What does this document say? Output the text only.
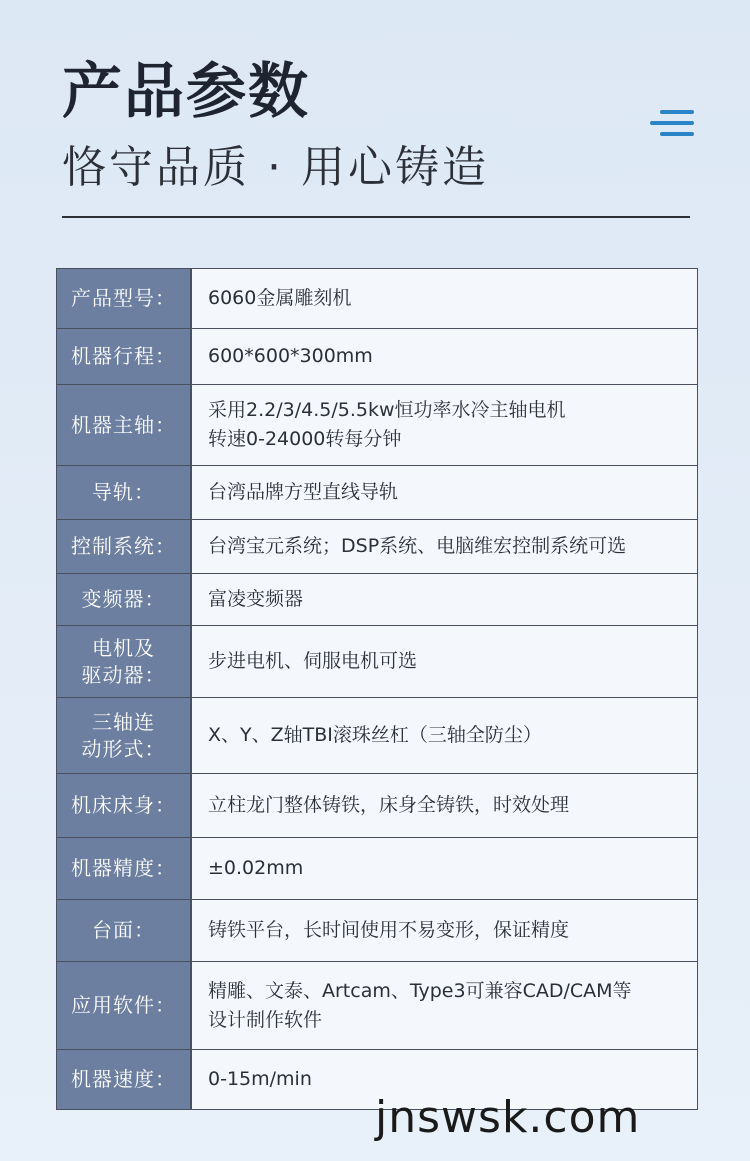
产品参数
恪守品质 · 用心铸造
产品型号： 6060金属雕刻机
机器行程： 600*600*300mm
机器主轴：
采用2.2/3/4.5/5.5kw恒功率水冷主轴电机
转速0-24000转每分钟
导轨：	台湾品牌方型直线导轨
控制系统： 台湾宝元系统；DSP系统、电脑维宏控制系统可选
变频器： 富凌变频器
电机及
驱动器：
步进电机、伺服电机可选
三轴连
动形式：
X、Y、Z轴TBI滚珠丝杠（三轴全防尘）
机床床身： 立柱龙门整体铸铁，床身全铸铁，时效处理
机器精度： ±0.02mm
台面：	铸铁平台，长时间使用不易变形，保证精度
应用软件：
精雕、文泰、Artcam、Type3可兼容CAD/CAM等
设计制作软件
机器速度： 0-15m/min
jnswsk.com
